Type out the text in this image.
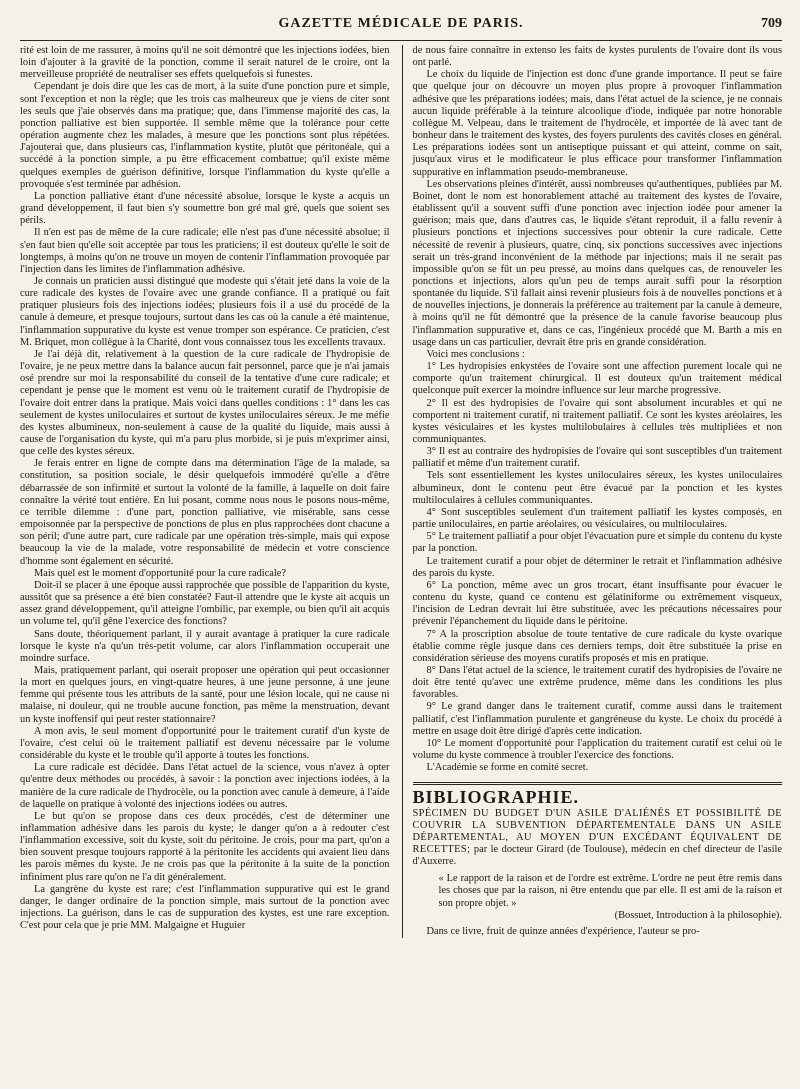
GAZETTE MÉDICALE DE PARIS.	709

rité est loin de me rassurer, à moins qu'il ne soit démontré que les injections iodées, bien loin d'ajouter à la gravité de la ponction, comme il serait naturel de le croire, ont la merveilleuse propriété de neutraliser ses effets quelquefois si funestes.

Cependant je dois dire que les cas de mort, à la suite d'une ponction pure et simple, sont l'exception et non la règle; que les trois cas malheureux que je viens de citer sont les seuls que j'aie observés dans ma pratique; que, dans l'immense majorité des cas, la ponction palliative est bien supportée. Il semble même que la tolérance pour cette opération augmente chez les malades, à mesure que les ponctions sont plus répétées. J'ajouterai que, dans plusieurs cas, l'inflammation kystite, plutôt que péritonéale, qui a succédé à la ponction simple, a pu être efficacement combattue; qu'il existe même quelques exemples de guérison définitive, lorsque l'inflammation du kyste qu'elle a provoquée s'est terminée par adhésion.

La ponction palliative étant d'une nécessité absolue, lorsque le kyste a acquis un grand développement, il faut bien s'y soumettre bon gré mal gré, quels que soient ses périls.

Il n'en est pas de même de la cure radicale; elle n'est pas d'une nécessité absolue; il s'en faut bien qu'elle soit acceptée par tous les praticiens; il est douteux qu'elle le soit de longtemps, à moins qu'on ne trouve un moyen de contenir l'inflammation provoquée par l'injection dans les limites de l'inflammation adhésive.

Je connais un praticien aussi distingué que modeste qui s'était jeté dans la voie de la cure radicale des kystes de l'ovaire avec une grande confiance. Il a pratiqué ou fait pratiquer plusieurs fois des injections iodées; plusieurs fois il a usé du procédé de la canule à demeure, et presque toujours, surtout dans les cas où la canule a été maintenue, l'inflammation suppurative du kyste est venue tromper son espérance. Ce praticien, c'est M. Briquet, mon collègue à la Charité, dont vous connaissez tous les excellents travaux.

Je l'ai déjà dit, relativement à la question de la cure radicale de l'hydropisie de l'ovaire, je ne peux mettre dans la balance aucun fait personnel, parce que je n'ai jamais osé prendre sur moi la responsabilité du conseil de la tentative d'une cure radicale; et cependant je pense que le moment est venu où le traitement curatif de l'hydropisie de l'ovaire doit entrer dans la pratique. Mais voici dans quelles conditions : 1° dans les cas seulement de kystes uniloculaires et surtout de kystes uniloculaires séreux. Je me méfie des kystes albumineux, non-seulement à cause de la qualité du liquide, mais aussi à cause de l'organisation du kyste, qui m'a paru plus morbide, si je puis m'exprimer ainsi, que celle des kystes séreux.

Je ferais entrer en ligne de compte dans ma détermination l'âge de la malade, sa constitution, sa position sociale, le désir quelquefois immodéré qu'elle a d'être débarrassée de son infirmité et surtout la volonté de la famille, à laquelle on doit faire connaître la vérité tout entière. En lui posant, comme nous nous le posons nous-même, ce terrible dilemme : d'une part, ponction palliative, vie misérable, sans cesse empoisonnée par la perspective de ponctions de plus en plus rapprochées dont chacune a son péril; d'une autre part, cure radicale par une opération très-simple, mais qui expose beaucoup la vie de la malade, votre responsabilité de médecin et votre conscience d'homme sont également en sécurité.

Mais quel est le moment d'opportunité pour la cure radicale?

Doit-il se placer à une époque aussi rapprochée que possible de l'apparition du kyste, aussitôt que sa présence a été bien constatée? Faut-il attendre que le kyste ait acquis un assez grand développement, qu'il atteigne l'ombilic, par exemple, ou bien qu'il ait acquis un volume tel, qu'il gêne l'exercice des fonctions?

Sans doute, théoriquement parlant, il y aurait avantage à pratiquer la cure radicale lorsque le kyste n'a qu'un très-petit volume, car alors l'inflammation occuperait une moindre surface.

Mais, pratiquement parlant, qui oserait proposer une opération qui peut occasionner la mort en quelques jours, en vingt-quatre heures, à une jeune personne, à une jeune femme qui présente tous les attributs de la santé, pour une lésion locale, qui ne cause ni malaise, ni douleur, qui ne trouble aucune fonction, pas même la menstruation, devant un kyste inoffensif qui peut rester stationnaire?

A mon avis, le seul moment d'opportunité pour le traitement curatif d'un kyste de l'ovaire, c'est celui où le traitement palliatif est devenu nécessaire par le volume considérable du kyste et le trouble qu'il apporte à toutes les fonctions.

La cure radicale est décidée. Dans l'état actuel de la science, vous n'avez à opter qu'entre deux méthodes ou procédés, à savoir : la ponction avec injections iodées, à la manière de la cure radicale de l'hydrocèle, ou la ponction avec canule à demeure, à l'aide de laquelle on pratique à volonté des injections iodées ou autres.

Le but qu'on se propose dans ces deux procédés, c'est de déterminer une inflammation adhésive dans les parois du kyste; le danger qu'on a à redouter c'est l'inflammation excessive, soit du kyste, soit du péritoine. Je crois, pour ma part, qu'on a bien souvent presque toujours rapporté à la péritonite les accidents qui avaient lieu dans les parois mêmes du kyste. Je ne crois pas que la péritonite à la suite de la ponction infiniment plus rare qu'on ne l'a dit généralement.

La gangrène du kyste est rare; c'est l'inflammation suppurative qui est le grand danger, le danger ordinaire de la ponction simple, mais surtout de la ponction avec injections. La guérison, dans le cas de suppuration des kystes, est une rare exception. C'est pour cela que je prie MM. Malgaigne et Huguier

de nous faire connaître in extenso les faits de kystes purulents de l'ovaire dont ils vous ont parlé.

Le choix du liquide de l'injection est donc d'une grande importance. Il peut se faire que quelque jour on découvre un moyen plus propre à provoquer l'inflammation adhésive que les préparations iodées; mais, dans l'état actuel de la science, je ne connais aucun liquide préférable à la teinture alcoolique d'iode, indiquée par notre honorable collègue M. Velpeau, dans le traitement de l'hydrocèle, et importée de là avec tant de bonheur dans le traitement des kystes, des foyers purulents des cavités closes en général. Les préparations iodées sont un antiseptique puissant et qui atteint, comme on sait, jusqu'aux virus et le modificateur le plus efficace pour transformer l'inflammation suppurative en inflammation pseudo-membraneuse.

Les observations pleines d'intérêt, aussi nombreuses qu'authentiques, publiées par M. Boinet, dont le nom est honorablement attaché au traitement des kystes de l'ovaire, établissent qu'il a souvent suffi d'une ponction avec injection iodée pour amener la guérison; mais que, dans d'autres cas, le liquide s'étant reproduit, il a fallu revenir à plusieurs ponctions et injections successives pour obtenir la cure radicale. Cette nécessité de revenir à plusieurs, quatre, cinq, six ponctions successives avec injections serait un très-grand inconvénient de la méthode par injections; mais il ne serait pas impossible qu'on se fût un peu pressé, au moins dans quelques cas, de renouveler les ponctions et injections, alors qu'un peu de temps aurait suffi pour la résorption spontanée du liquide. S'il fallait ainsi revenir plusieurs fois à de nouvelles ponctions et à de nouvelles injections, je donnerais la préférence au traitement par la canule à demeure, à moins qu'il ne fût démontré que la présence de la canule favorise beaucoup plus l'inflammation suppurative et, dans ce cas, l'ingénieux procédé que M. Barth a mis en usage dans un cas particulier, devrait être pris en grande considération.

Voici mes conclusions :

1° Les hydropisies enkystées de l'ovaire sont une affection purement locale qui ne comporte qu'un traitement chirurgical. Il est douteux qu'un traitement médical quelconque puît exercer la moindre influence sur leur marche progressive.

2° Il est des hydropisies de l'ovaire qui sont absolument incurables et qui ne comportent ni traitement curatif, ni traitement palliatif. Ce sont les kystes aréolaires, les kystes vésiculaires et les kystes multilobulaires à cellules très multipliées et non communiquantes.

3° Il est au contraire des hydropisies de l'ovaire qui sont susceptibles d'un traitement palliatif et même d'un traitement curatif.

Tels sont essentiellement les kystes uniloculaires séreux, les kystes uniloculaires albumineux, dont le contenu peut être évacué par la ponction et les kystes multiloculaires à cellules communiquantes.

4° Sont susceptibles seulement d'un traitement palliatif les kystes composés, en partie uniloculaires, en partie aréolaires, ou vésiculaires, ou multiloculaires.

5° Le traitement palliatif a pour objet l'évacuation pure et simple du contenu du kyste par la ponction.

Le traitement curatif a pour objet de déterminer le retrait et l'inflammation adhésive des parois du kyste.

6° La ponction, même avec un gros trocart, étant insuffisante pour évacuer le contenu du kyste, quand ce contenu est gélatiniforme ou extrêmement visqueux, l'incision de Ledran devrait lui être substituée, avec les précautions nécessaires pour prévenir l'épanchement du liquide dans le péritoine.

7° A la proscription absolue de toute tentative de cure radicale du kyste ovarique établie comme règle jusque dans ces derniers temps, doit être substituée la prise en considération sérieuse des moyens curatifs proposés et mis en pratique.

8° Dans l'état actuel de la science, le traitement curatif des hydropisies de l'ovaire ne doit être tenté qu'avec une extrême prudence, même dans les conditions les plus favorables.

9° Le grand danger dans le traitement curatif, comme aussi dans le traitement palliatif, c'est l'inflammation purulente et gangréneuse du kyste. Le choix du procédé à mettre en usage doit être dirigé d'après cette indication.

10° Le moment d'opportunité pour l'application du traitement curatif est celui où le volume du kyste commence à troubler l'exercice des fonctions.

L'Académie se forme en comité secret.

BIBLIOGRAPHIE.

SPÉCIMEN DU BUDGET D'UN ASILE D'ALIÉNÉS ET POSSIBILITÉ DE COUVRIR LA SUBVENTION DÉPARTEMENTALE DANS UN ASILE DÉPARTEMENTAL, AU MOYEN D'UN EXCÉDANT ÉQUIVALENT DE RECETTES; par le docteur Girard (de Toulouse), médecin en chef directeur de l'asile d'Auxerre.

« Le rapport de la raison et de l'ordre est extrême. L'ordre ne peut être remis dans les choses que par la raison, ni être entendu que par elle. Il est ami de la raison et son propre objet. »
(Bossuet, Introduction à la philosophie).

Dans ce livre, fruit de quinze années d'expérience, l'auteur se pro-
